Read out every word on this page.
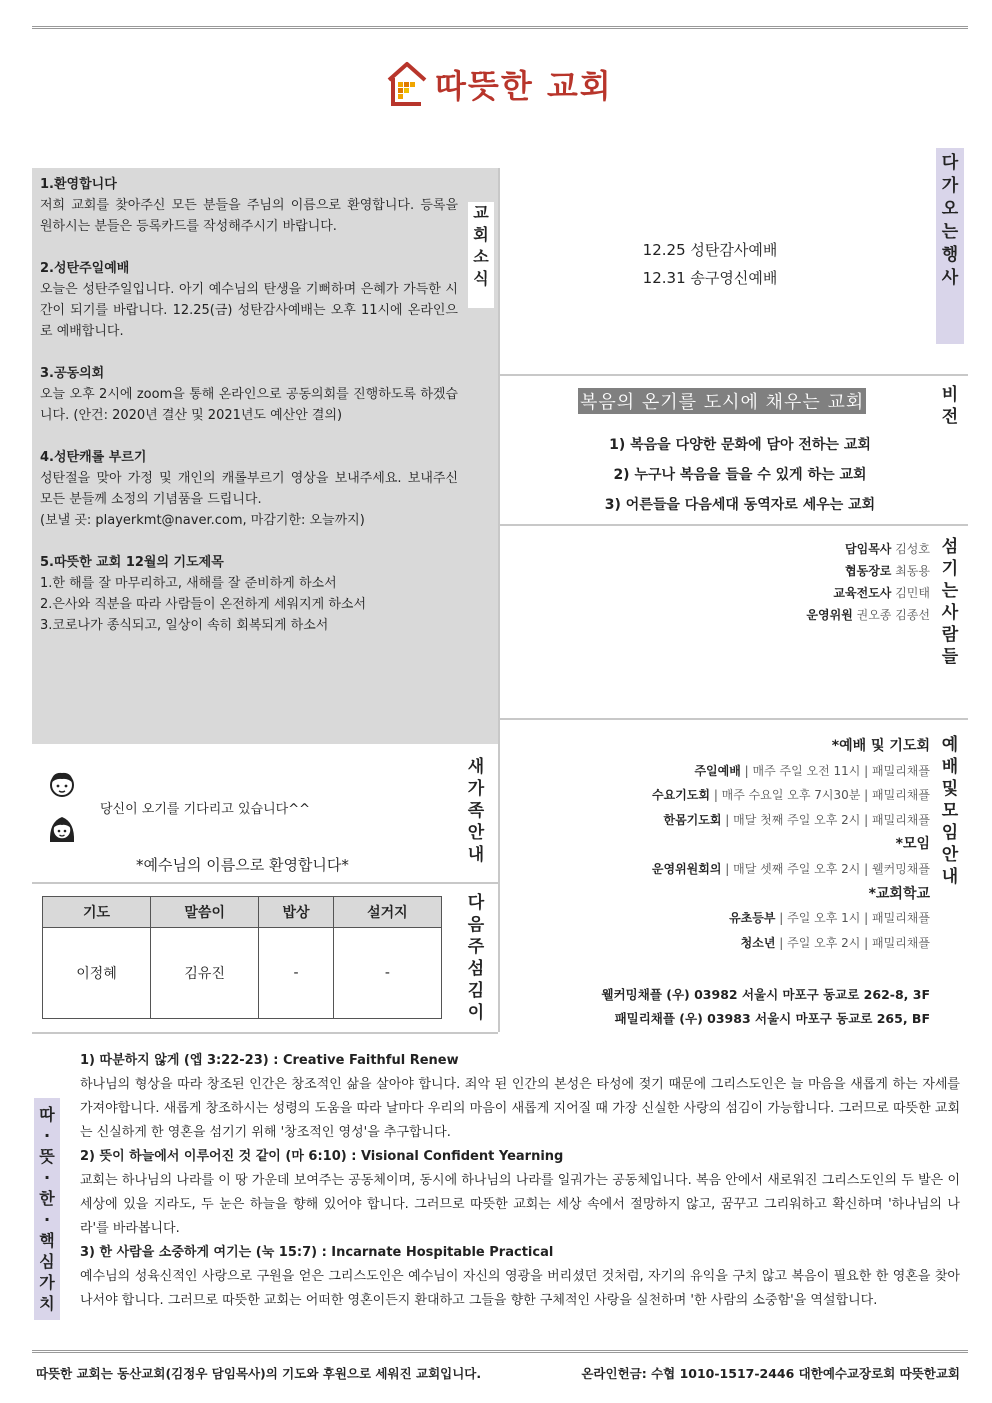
따뜻한 교회
1.환영합니다

저희 교회를 찾아주신 모든 분들을 주님의 이름으로 환영합니다. 등록을 원하시는 분들은 등록카드를 작성해주시기 바랍니다.

2.성탄주일예배

오늘은 성탄주일입니다. 아기 예수님의 탄생을 기뻐하며 은혜가 가득한 시간이 되기를 바랍니다. 12.25(금) 성탄감사예배는 오후 11시에 온라인으로 예배합니다.

3.공동의회

오늘 오후 2시에 zoom을 통해 온라인으로 공동의회를 진행하도록 하겠습니다. (안건: 2020년 결산 및 2021년도 예산안 결의)

4.성탄캐롤 부르기

성탄절을 맞아 가정 및 개인의 캐롤부르기 영상을 보내주세요. 보내주신 모든 분들께 소정의 기념품을 드립니다.

(보낼 곳: playerkmt@naver.com, 마감기한: 오늘까지)

5.따뜻한 교회 12월의 기도제목

1.한 해를 잘 마무리하고, 새해를 잘 준비하게 하소서

2.은사와 직분을 따라 사람들이 온전하게 세워지게 하소서

3.코로나가 종식되고, 일상이 속히 회복되게 하소서

교회소식
12.25 성탄감사예배
12.31 송구영신예배
다가오는행사
복음의 온기를 도시에 채우는 교회
1) 복음을 다양한 문화에 담아 전하는 교회
2) 누구나 복음을 들을 수 있게 하는 교회
3) 어른들을 다음세대 동역자로 세우는 교회
비전
담임목사 김성호
협동장로 최동용
교육전도사 김민태
운영위원 권오종 김종선
섬기는사람들
*예배 및 기도회
주일예배 | 매주 주일 오전 11시 | 패밀리채플
수요기도회 | 매주 수요일 오후 7시30분 | 패밀리채플
한몸기도회 | 매달 첫째 주일 오후 2시 | 패밀리채플
*모임
운영위원회의 | 매달 셋째 주일 오후 2시 | 웰커밍채플
*교회학교
유초등부 | 주일 오후 1시 | 패밀리채플
청소년 | 주일 오후 2시 | 패밀리채플
웰커밍채플 (우) 03982 서울시 마포구 동교로 262-8, 3F
패밀리채플 (우) 03983 서울시 마포구 동교로 265, BF
예배및모임안내
당신이 오기를 기다리고 있습니다^^
*예수님의 이름으로 환영합니다*
새가족안내
기도	말씀이	밥상	설거지
이정혜	김유진	-	-
다음주섬김이
1) 따분하지 않게 (엡 3:22-23) : Creative Faithful Renew

하나님의 형상을 따라 창조된 인간은 창조적인 삶을 살아야 합니다. 죄악 된 인간의 본성은 타성에 젖기 때문에 그리스도인은 늘 마음을 새롭게 하는 자세를 가져야합니다. 새롭게 창조하시는 성령의 도움을 따라 날마다 우리의 마음이 새롭게 지어질 때 가장 신실한 사랑의 섬김이 가능합니다. 그러므로 따뜻한 교회는 신실하게 한 영혼을 섬기기 위해 '창조적인 영성'을 추구합니다.

2) 뜻이 하늘에서 이루어진 것 같이 (마 6:10) : Visional Confident Yearning

교회는 하나님의 나라를 이 땅 가운데 보여주는 공동체이며, 동시에 하나님의 나라를 일궈가는 공동체입니다. 복음 안에서 새로워진 그리스도인의 두 발은 이 세상에 있을 지라도, 두 눈은 하늘을 향해 있어야 합니다. 그러므로 따뜻한 교회는 세상 속에서 절망하지 않고, 꿈꾸고 그리워하고 확신하며 '하나님의 나라'를 바라봅니다.

3) 한 사람을 소중하게 여기는 (눅 15:7) : Incarnate Hospitable Practical

예수님의 성육신적인 사랑으로 구원을 얻은 그리스도인은 예수님이 자신의 영광을 버리셨던 것처럼, 자기의 유익을 구치 않고 복음이 필요한 한 영혼을 찾아 나서야 합니다. 그러므로 따뜻한 교회는 어떠한 영혼이든지 환대하고 그들을 향한 구체적인 사랑을 실천하며 '한 사람의 소중함'을 역설합니다.

따·뜻·한·핵심가치
따뜻한 교회는 동산교회(김정우 담임목사)의 기도와 후원으로 세워진 교회입니다.	온라인헌금: 수협 1010-1517-2446 대한예수교장로회 따뜻한교회
